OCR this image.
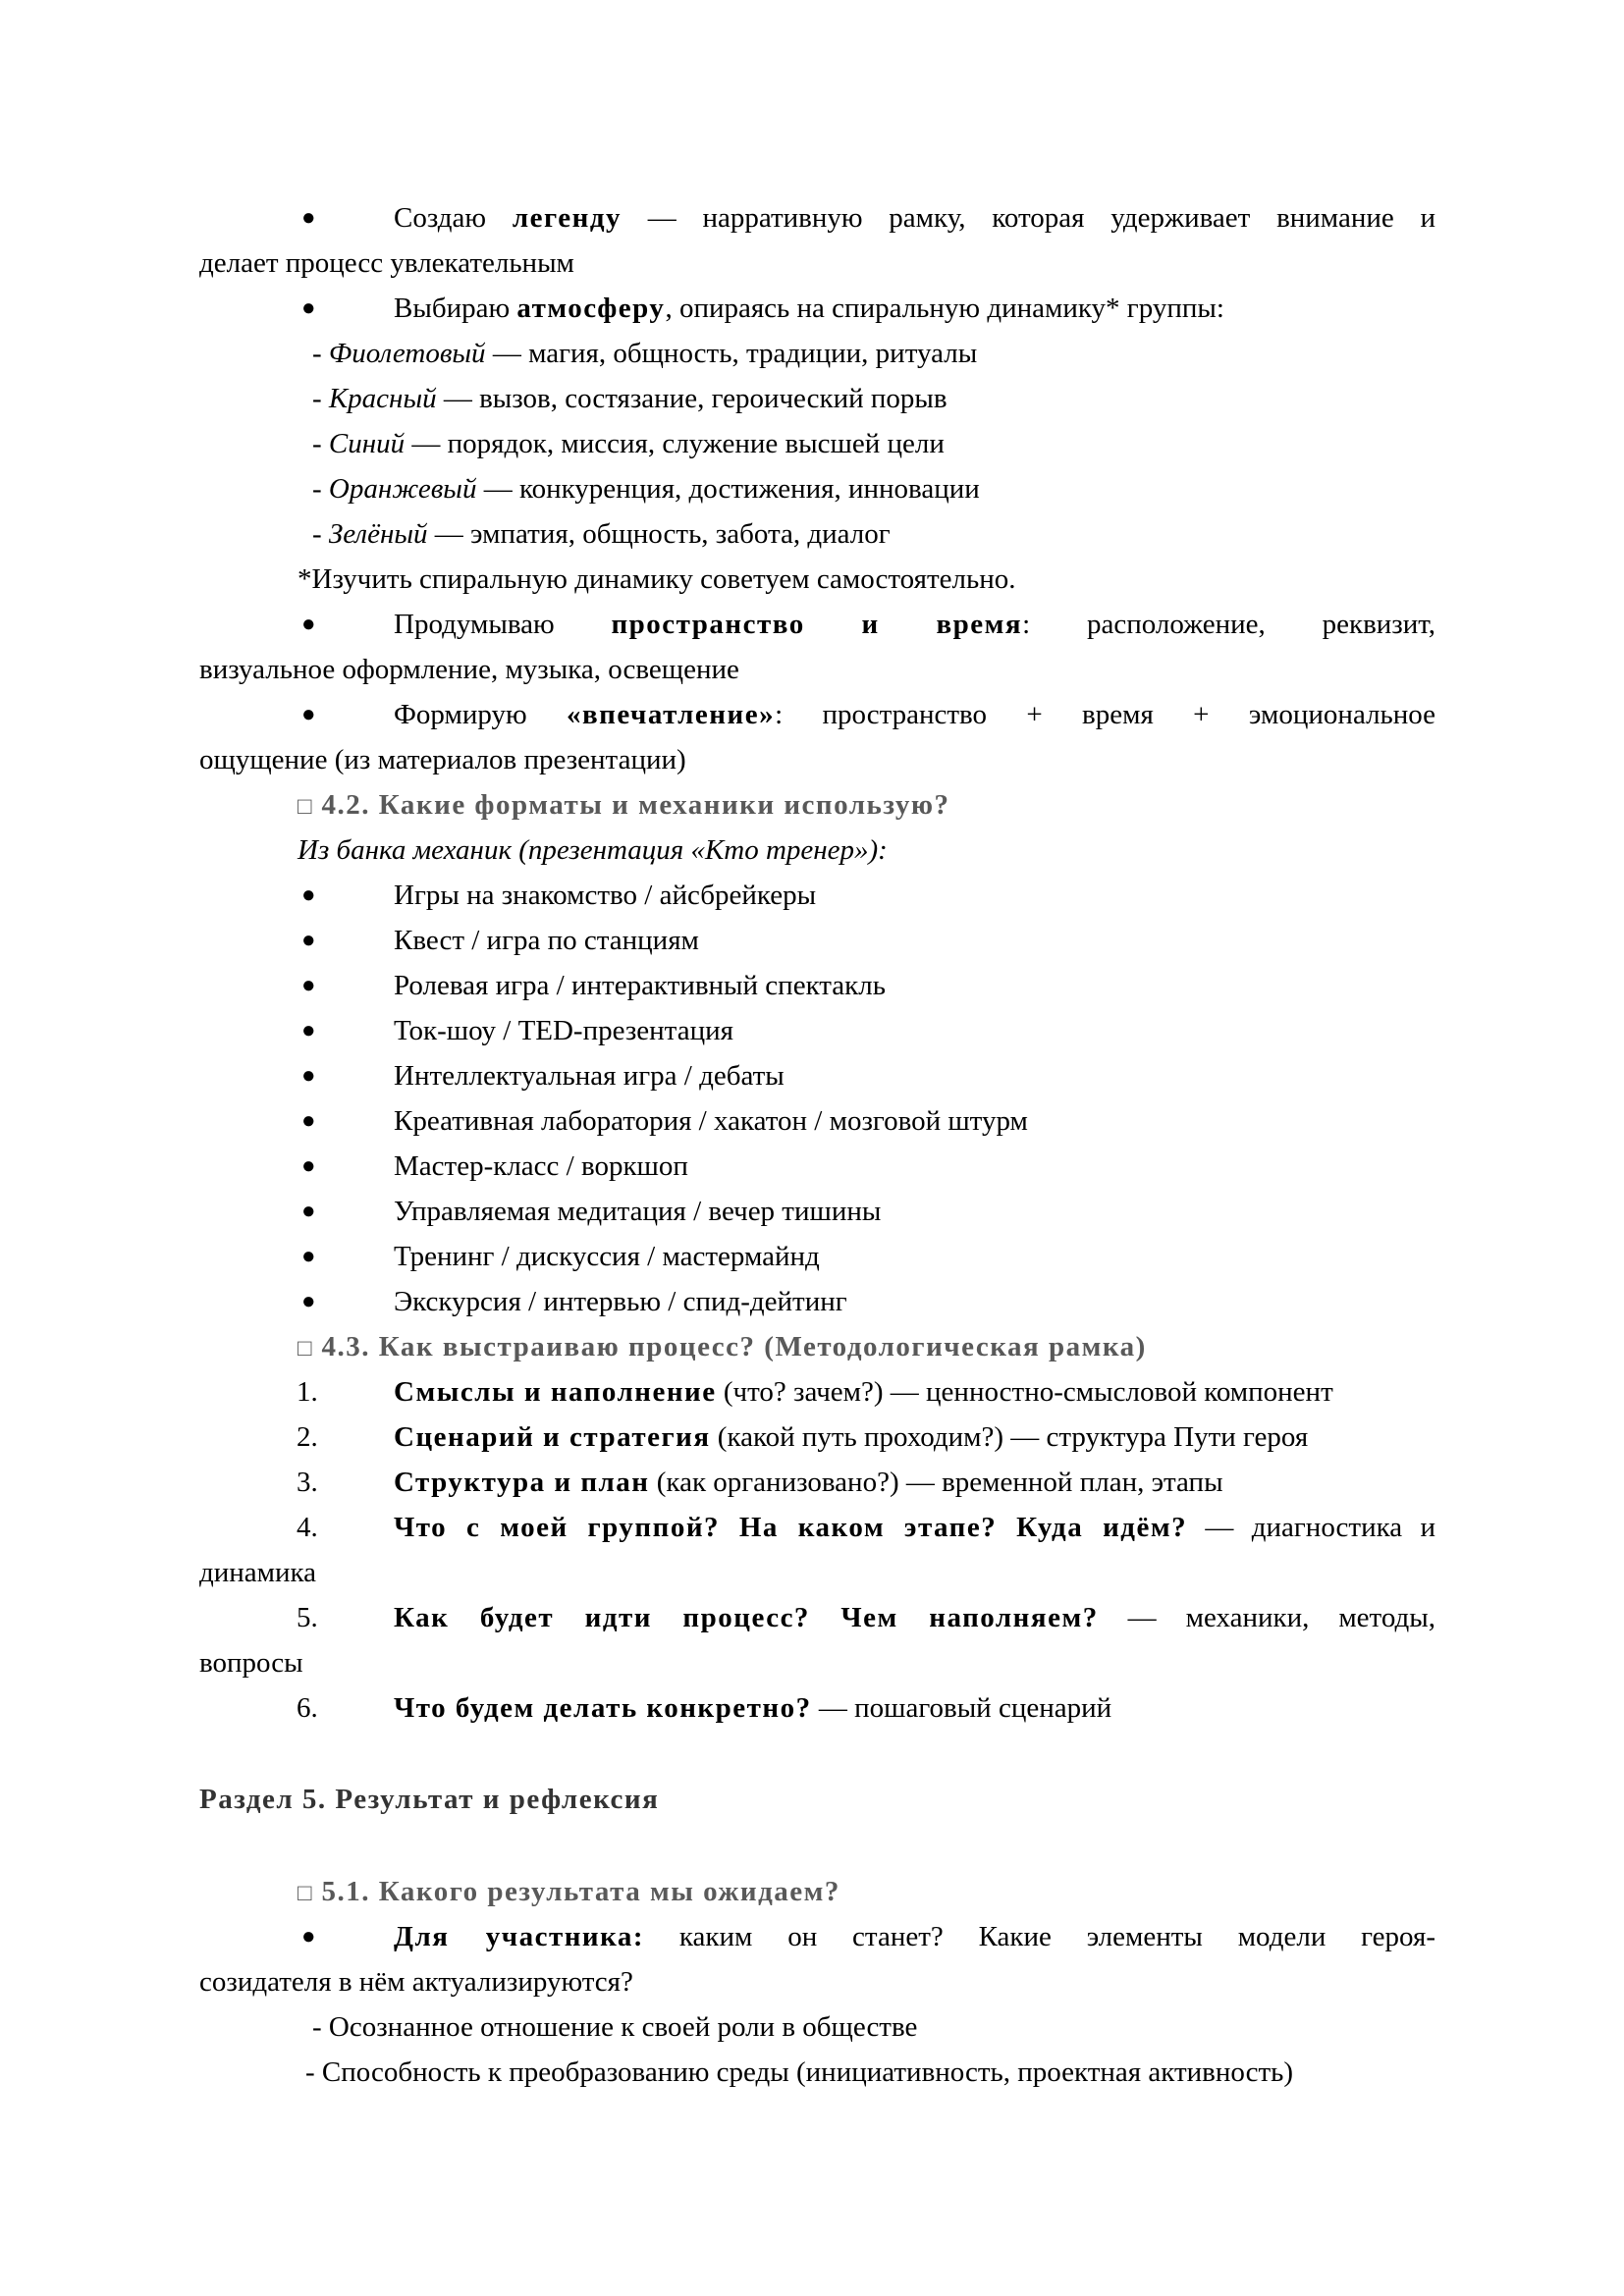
●	Создаю легенду — нарративную рамку, которая удерживает внимание и
делает процесс увлекательным
●	Выбираю атмосферу, опираясь на спиральную динамику* группы:
- Фиолетовый — магия, общность, традиции, ритуалы
- Красный — вызов, состязание, героический порыв
- Синий — порядок, миссия, служение высшей цели
- Оранжевый — конкуренция, достижения, инновации
- Зелёный — эмпатия, общность, забота, диалог
*Изучить спиральную динамику советуем самостоятельно.
●	Продумываю пространство и время: расположение, реквизит,
визуальное оформление, музыка, освещение
●	Формирую «впечатление»: пространство + время + эмоциональное
ощущение (из материалов презентации)
□ 4.2. Какие форматы и механики использую?
Из банка механик (презентация «Кто тренер»):
●	Игры на знакомство / айсбрейкеры
●	Квест / игра по станциям
●	Ролевая игра / интерактивный спектакль
●	Ток-шоу / TED-презентация
●	Интеллектуальная игра / дебаты
●	Креативная лаборатория / хакатон / мозговой штурм
●	Мастер-класс / воркшоп
●	Управляемая медитация / вечер тишины
●	Тренинг / дискуссия / мастермайнд
●	Экскурсия / интервью / спид-дейтинг
□ 4.3. Как выстраиваю процесс? (Методологическая рамка)
1.	Смыслы и наполнение (что? зачем?) — ценностно-смысловой компонент
2.	Сценарий и стратегия (какой путь проходим?) — структура Пути героя
3.	Структура и план (как организовано?) — временной план, этапы
4.	Что с моей группой? На каком этапе? Куда идём? — диагностика и
динамика
5.	Как будет идти процесс? Чем наполняем? — механики, методы,
вопросы
6.	Что будем делать конкретно? — пошаговый сценарий
Раздел 5. Результат и рефлексия
□ 5.1. Какого результата мы ожидаем?
●	Для участника: каким он станет? Какие элементы модели героя-
созидателя в нём актуализируются?
- Осознанное отношение к своей роли в обществе
- Способность к преобразованию среды (инициативность, проектная активность)
